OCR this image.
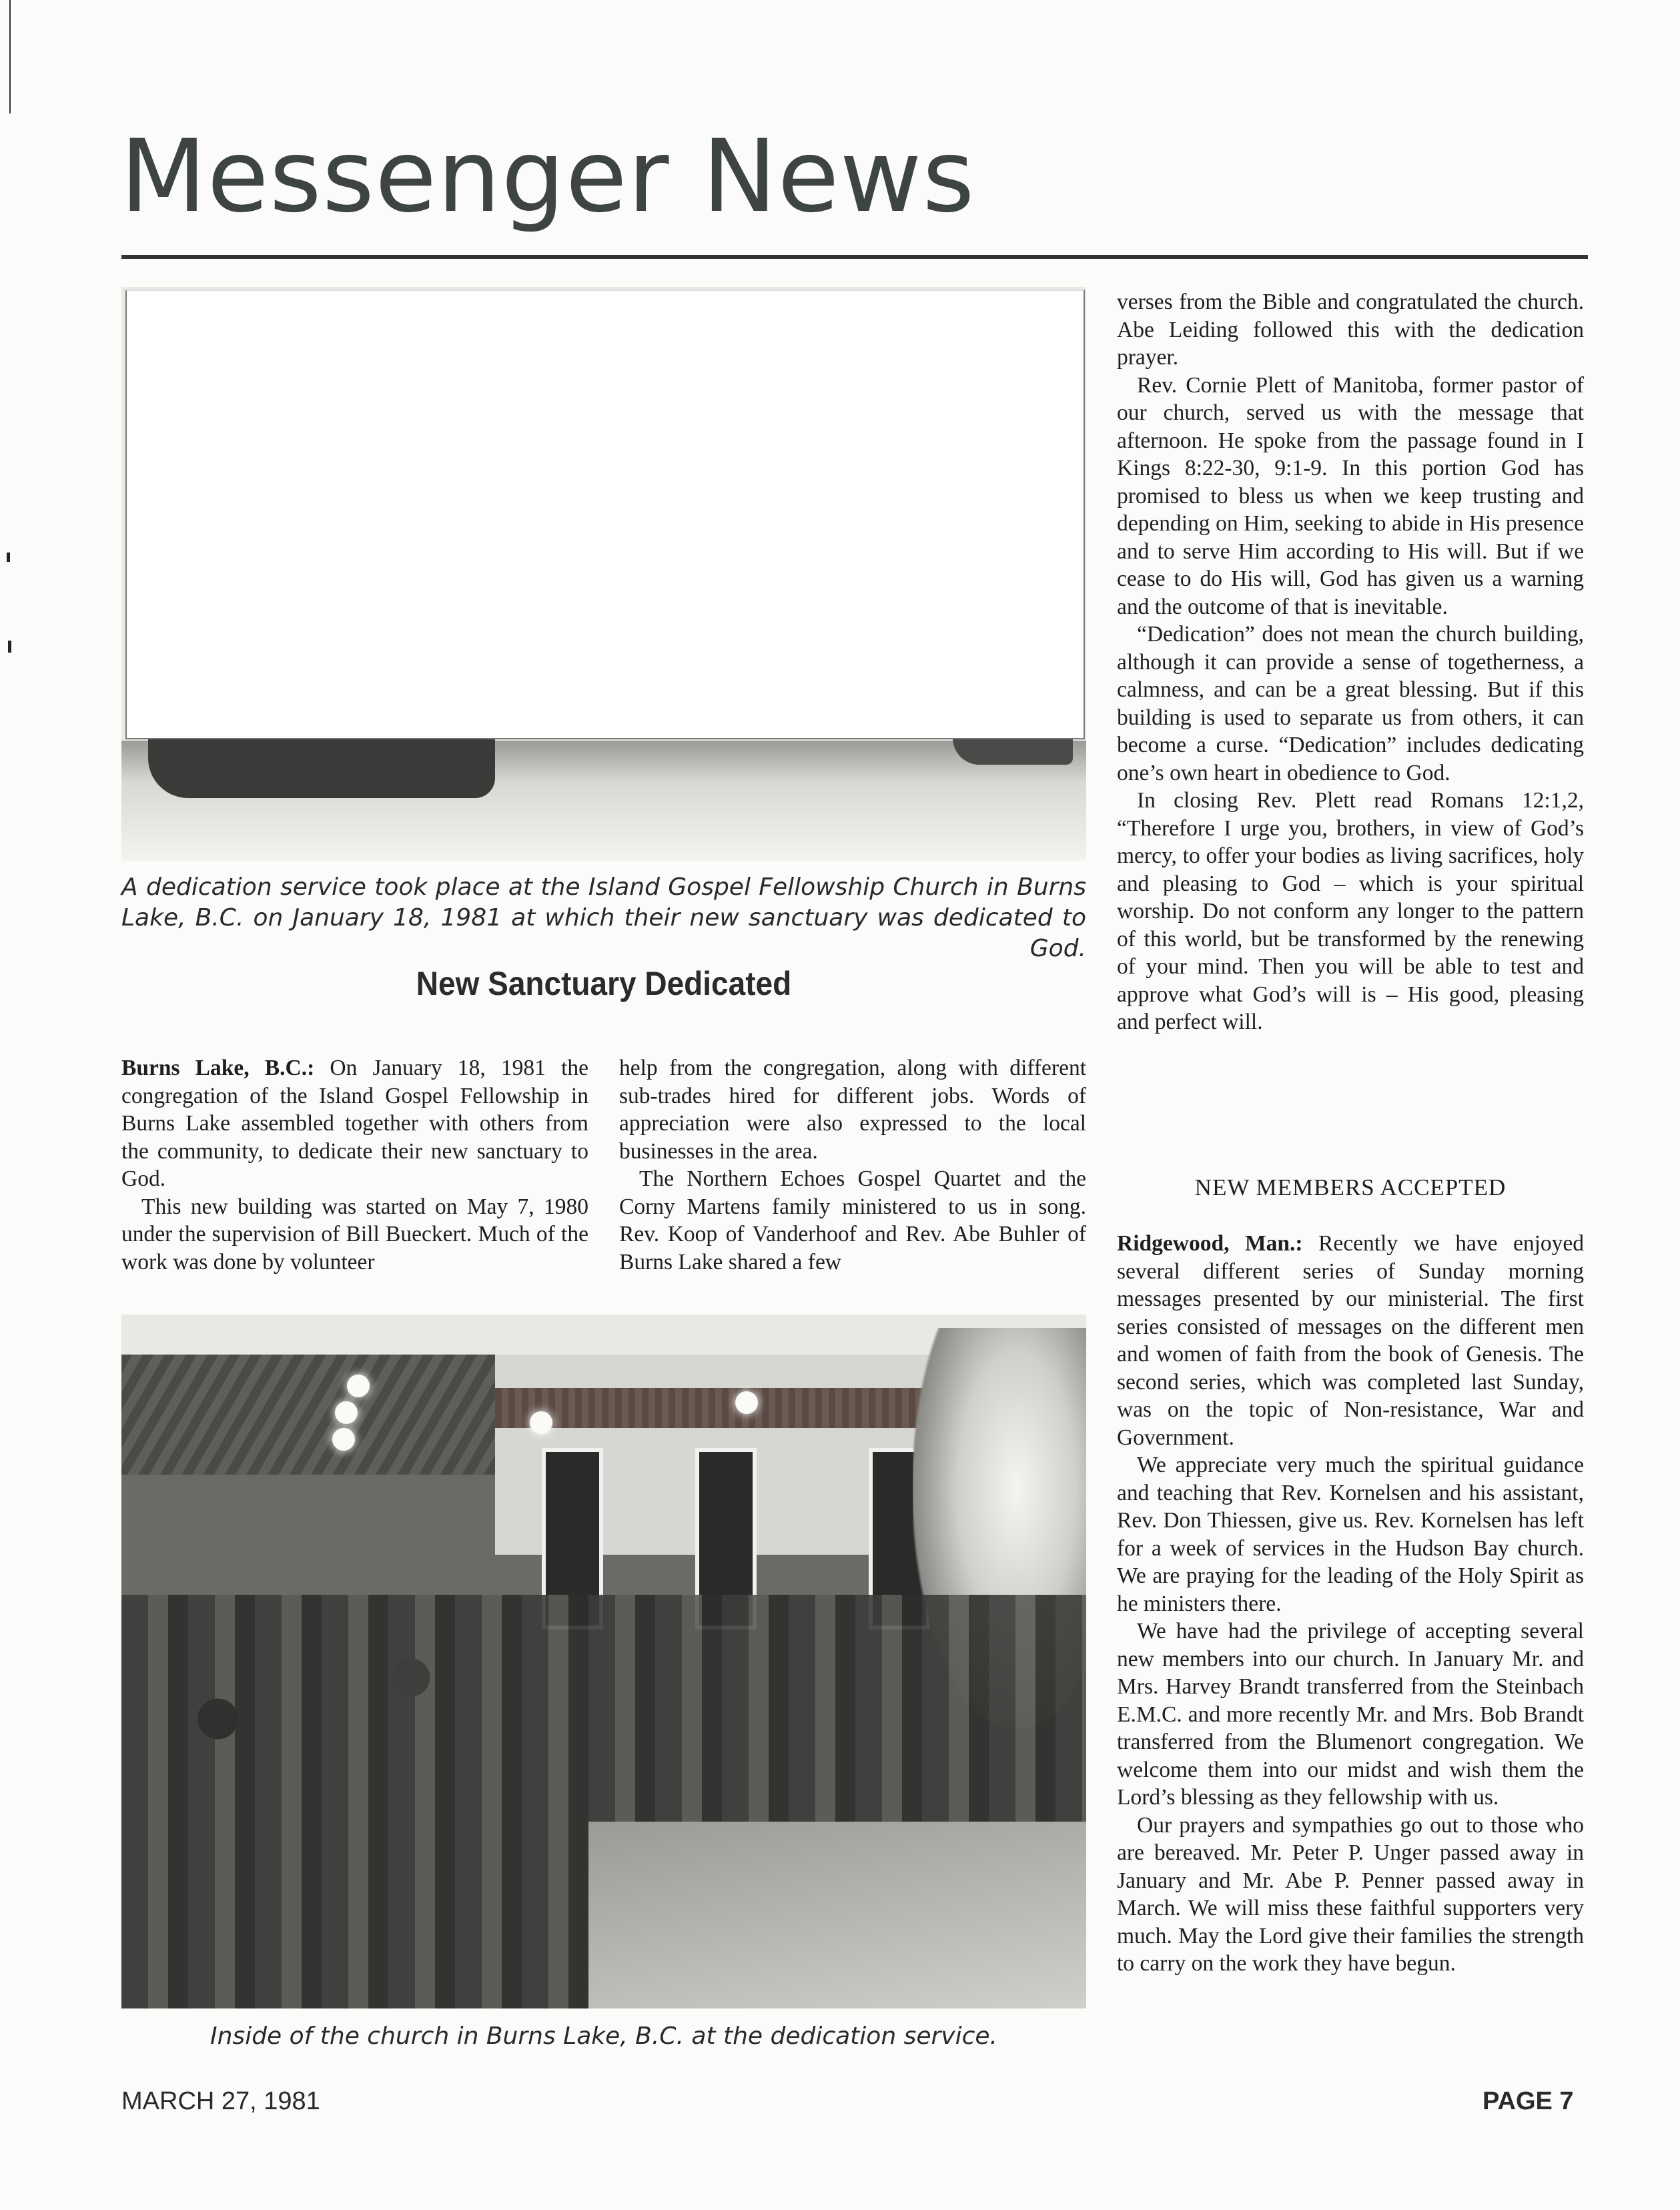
Messenger News
A dedication service took place at the Island Gospel Fellowship Church in Burns Lake, B.C. on January 18, 1981 at which their new sanctuary was dedicated to God.
New Sanctuary Dedicated

Burns Lake, B.C.: On January 18, 1981 the congregation of the Island Gospel Fellowship in Burns Lake assembled together with others from the community, to dedicate their new sanctuary to God.

This new building was started on May 7, 1980 under the supervision of Bill Bueckert. Much of the work was done by volunteer

help from the congregation, along with different sub-trades hired for different jobs. Words of appreciation were also expressed to the local businesses in the area.

The Northern Echoes Gospel Quartet and the Corny Martens family ministered to us in song. Rev. Koop of Vanderhoof and Rev. Abe Buhler of Burns Lake shared a few

verses from the Bible and congratulated the church. Abe Leiding followed this with the dedication prayer.

Rev. Cornie Plett of Manitoba, former pastor of our church, served us with the message that afternoon. He spoke from the passage found in I Kings 8:22-30, 9:1-9. In this portion God has promised to bless us when we keep trusting and depending on Him, seeking to abide in His presence and to serve Him according to His will. But if we cease to do His will, God has given us a warning and the outcome of that is inevitable.

“Dedication” does not mean the church building, although it can provide a sense of togetherness, a calmness, and can be a great blessing. But if this building is used to separate us from others, it can become a curse. “Dedication” includes dedicating one’s own heart in obedience to God.

In closing Rev. Plett read Romans 12:1,2, “Therefore I urge you, brothers, in view of God’s mercy, to offer your bodies as living sacrifices, holy and pleasing to God – which is your spiritual worship. Do not conform any longer to the pattern of this world, but be transformed by the renewing of your mind. Then you will be able to test and approve what God’s will is – His good, pleasing and perfect will.

NEW MEMBERS ACCEPTED

Ridgewood, Man.: Recently we have enjoyed several different series of Sunday morning messages presented by our ministerial. The first series consisted of messages on the different men and women of faith from the book of Genesis. The second series, which was completed last Sunday, was on the topic of Non-resistance, War and Government.

We appreciate very much the spiritual guidance and teaching that Rev. Kornelsen and his assistant, Rev. Don Thiessen, give us. Rev. Kornelsen has left for a week of services in the Hudson Bay church. We are praying for the leading of the Holy Spirit as he ministers there.

We have had the privilege of accepting several new members into our church. In January Mr. and Mrs. Harvey Brandt transferred from the Steinbach E.M.C. and more recently Mr. and Mrs. Bob Brandt transferred from the Blumenort congregation. We welcome them into our midst and wish them the Lord’s blessing as they fellowship with us.

Our prayers and sympathies go out to those who are bereaved. Mr. Peter P. Unger passed away in January and Mr. Abe P. Penner passed away in March. We will miss these faithful supporters very much. May the Lord give their families the strength to carry on the work they have begun.

Inside of the church in Burns Lake, B.C. at the dedication service.
MARCH 27, 1981	PAGE 7
